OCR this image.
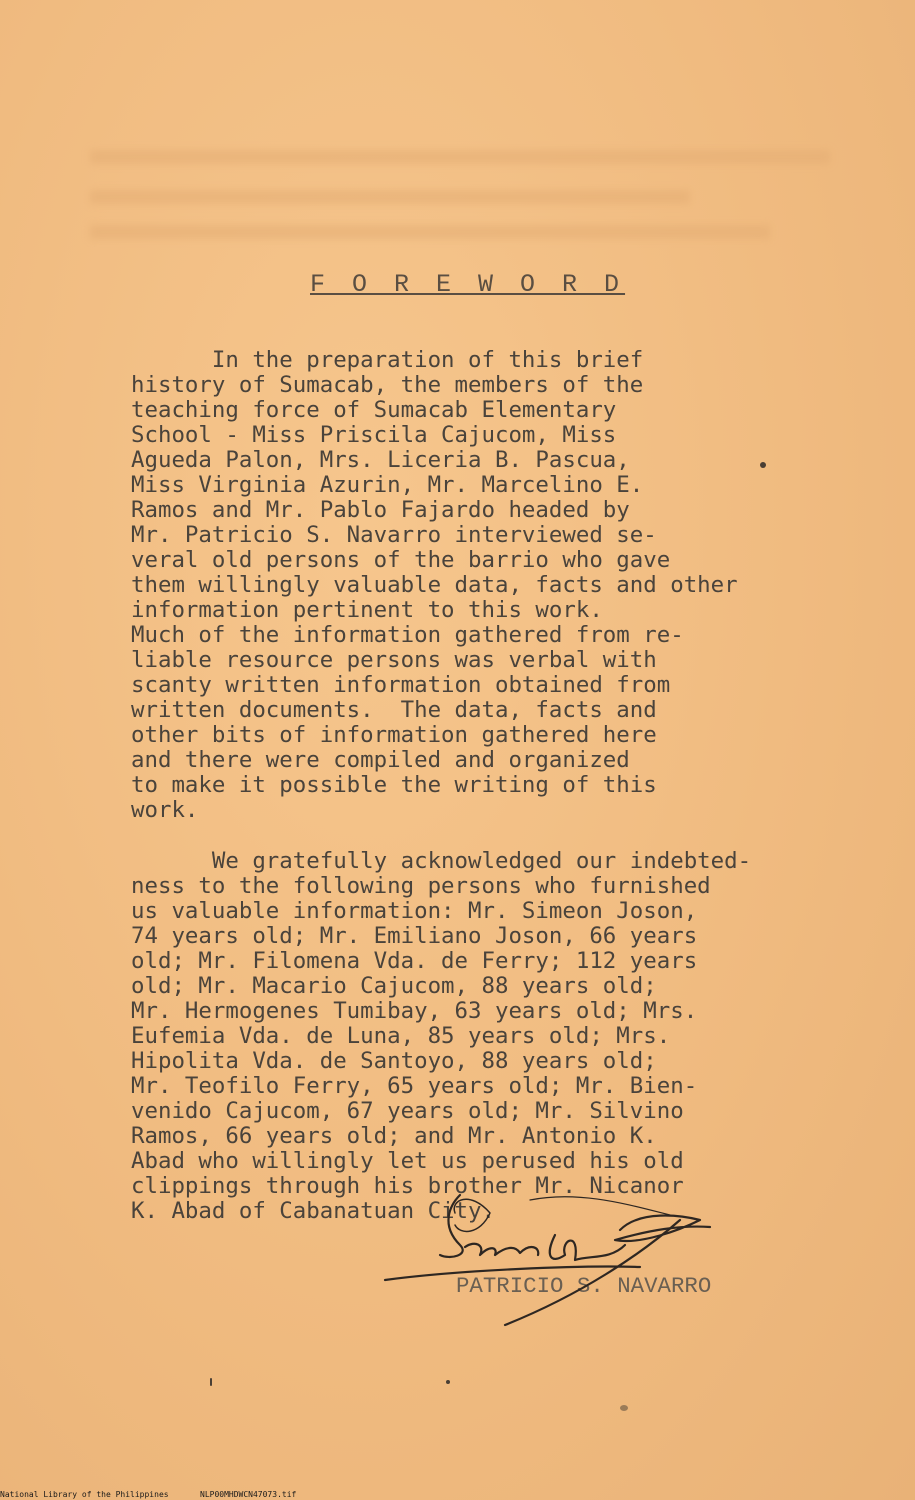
F O R E W O R D
In the preparation of this brief
history of Sumacab, the members of the
teaching force of Sumacab Elementary
School - Miss Priscila Cajucom, Miss
Agueda Palon, Mrs. Liceria B. Pascua,
Miss Virginia Azurin, Mr. Marcelino E.
Ramos and Mr. Pablo Fajardo headed by
Mr. Patricio S. Navarro interviewed se-
veral old persons of the barrio who gave
them willingly valuable data, facts and other
information pertinent to this work.
Much of the information gathered from re-
liable resource persons was verbal with
scanty written information obtained from
written documents.  The data, facts and
other bits of information gathered here
and there were compiled and organized
to make it possible the writing of this
work.
We gratefully acknowledged our indebted-
ness to the following persons who furnished
us valuable information: Mr. Simeon Joson,
74 years old; Mr. Emiliano Joson, 66 years
old; Mr. Filomena Vda. de Ferry; 112 years
old; Mr. Macario Cajucom, 88 years old;
Mr. Hermogenes Tumibay, 63 years old; Mrs.
Eufemia Vda. de Luna, 85 years old; Mrs.
Hipolita Vda. de Santoyo, 88 years old;
Mr. Teofilo Ferry, 65 years old; Mr. Bien-
venido Cajucom, 67 years old; Mr. Silvino
Ramos, 66 years old; and Mr. Antonio K.
Abad who willingly let us perused his old
clippings through his brother Mr. Nicanor
K. Abad of Cabanatuan City.
PATRICIO S. NAVARRO
National Library of the Philippines	NLP00MHDWCN47073.tif
